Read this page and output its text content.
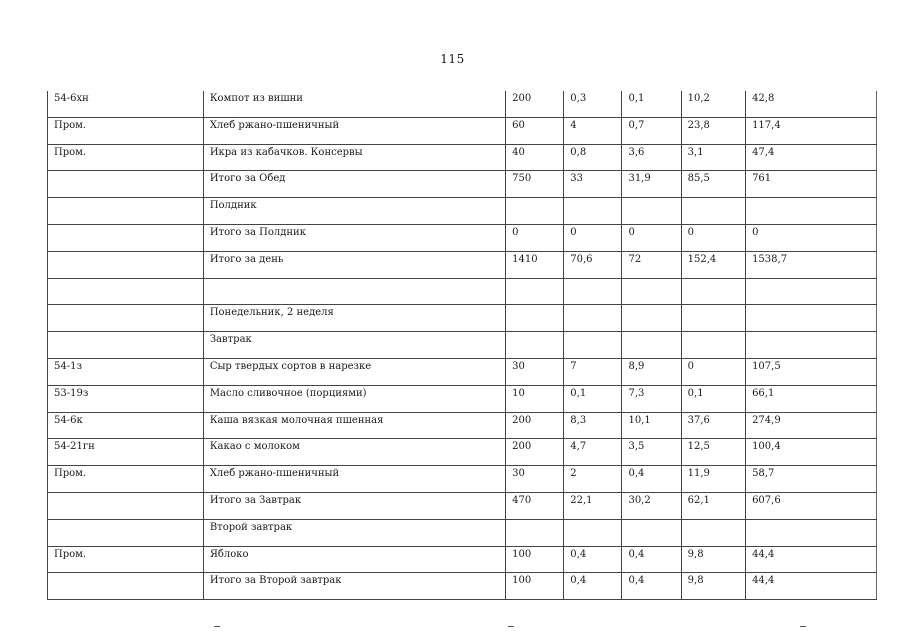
115
54-6хн	Компот из вишни	200	0,3	0,1	10,2	42,8
Пром.	Хлеб ржано-пшеничный	60	4	0,7	23,8	117,4
Пром.	Икра из кабачков. Консервы	40	0,8	3,6	3,1	47,4
	Итого за Обед	750	33	31,9	85,5	761
	Полдник					
	Итого за Полдник	0	0	0	0	0
	Итого за день	1410	70,6	72	152,4	1538,7

	Понедельник, 2 неделя					
	Завтрак					
54-1з	Сыр твердых сортов в нарезке	30	7	8,9	0	107,5
53-19з	Масло сливочное (порциями)	10	0,1	7,3	0,1	66,1
54-6к	Каша вязкая молочная пшенная	200	8,3	10,1	37,6	274,9
54-21гн	Какао с молоком	200	4,7	3,5	12,5	100,4
Пром.	Хлеб ржано-пшеничный	30	2	0,4	11,9	58,7
	Итого за Завтрак	470	22,1	30,2	62,1	607,6
	Второй завтрак					
Пром.	Яблоко	100	0,4	0,4	9,8	44,4
	Итого за Второй завтрак	100	0,4	0,4	9,8	44,4
